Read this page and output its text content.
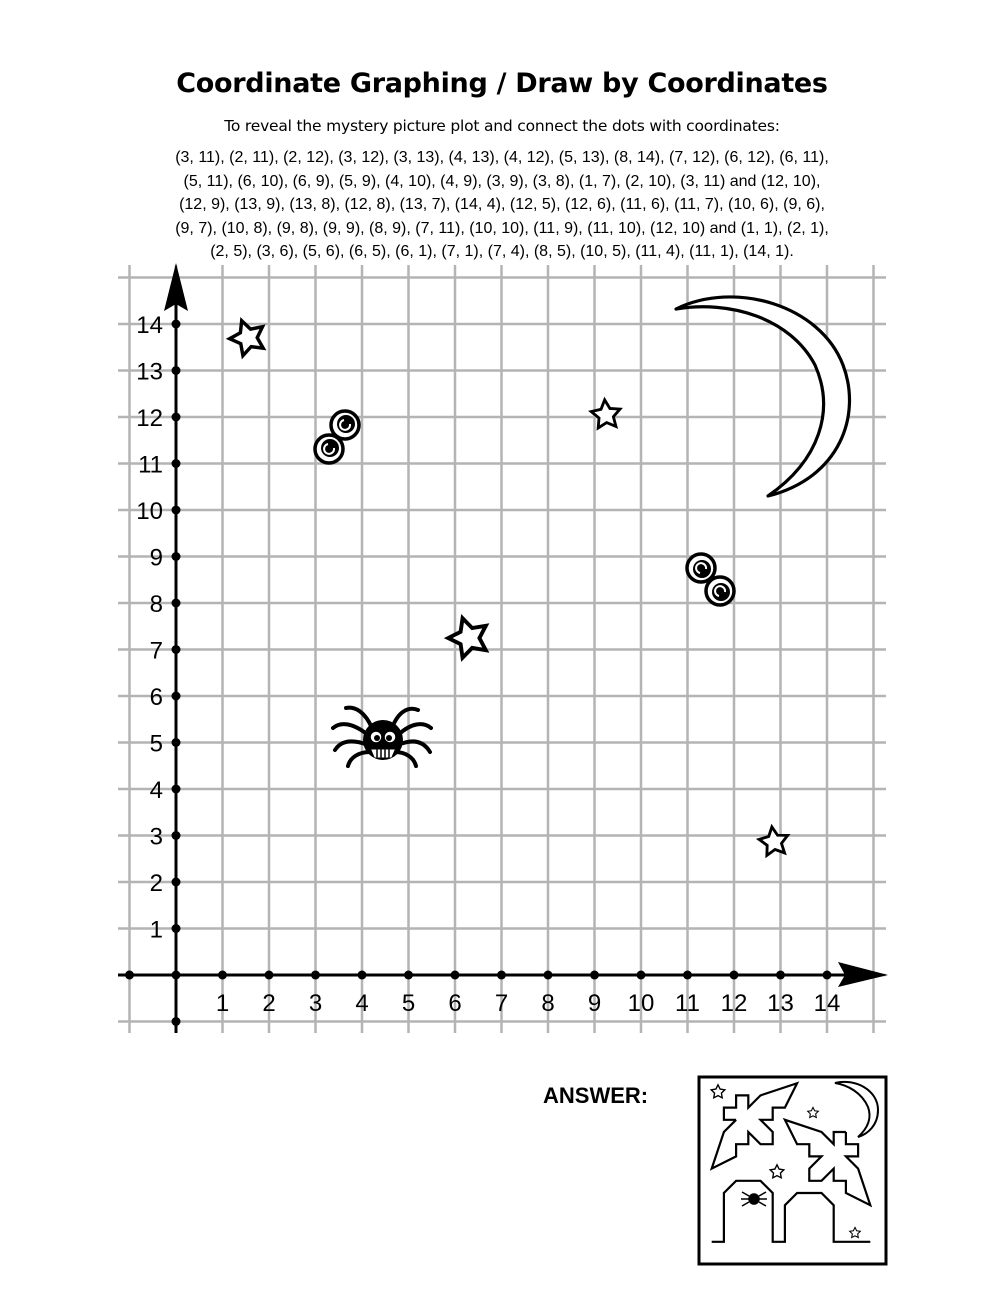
Coordinate Graphing / Draw by Coordinates
To reveal the mystery picture plot and connect the dots with coordinates:
(3, 11), (2, 11), (2, 12), (3, 12), (3, 13), (4, 13), (4, 12), (5, 13), (8, 14), (7, 12), (6, 12), (6, 11),
(5, 11), (6, 10), (6, 9), (5, 9), (4, 10), (4, 9), (3, 9), (3, 8), (1, 7), (2, 10), (3, 11) and (12, 10),
(12, 9), (13, 9), (13, 8), (12, 8), (13, 7), (14, 4), (12, 5), (12, 6), (11, 6), (11, 7), (10, 6), (9, 6),
(9, 7), (10, 8), (9, 8), (9, 9), (8, 9), (7, 11), (10, 10), (11, 9), (11, 10), (12, 10) and (1, 1), (2, 1),
(2, 5), (3, 6), (5, 6), (6, 5), (6, 1), (7, 1), (7, 4), (8, 5), (10, 5), (11, 4), (11, 1), (14, 1).
1 2 3 4 5 6 7 8 9 10 11 12 13 14
1
2
3
4
5
6
7
8
9
10
11
12
13
14
ANSWER:
